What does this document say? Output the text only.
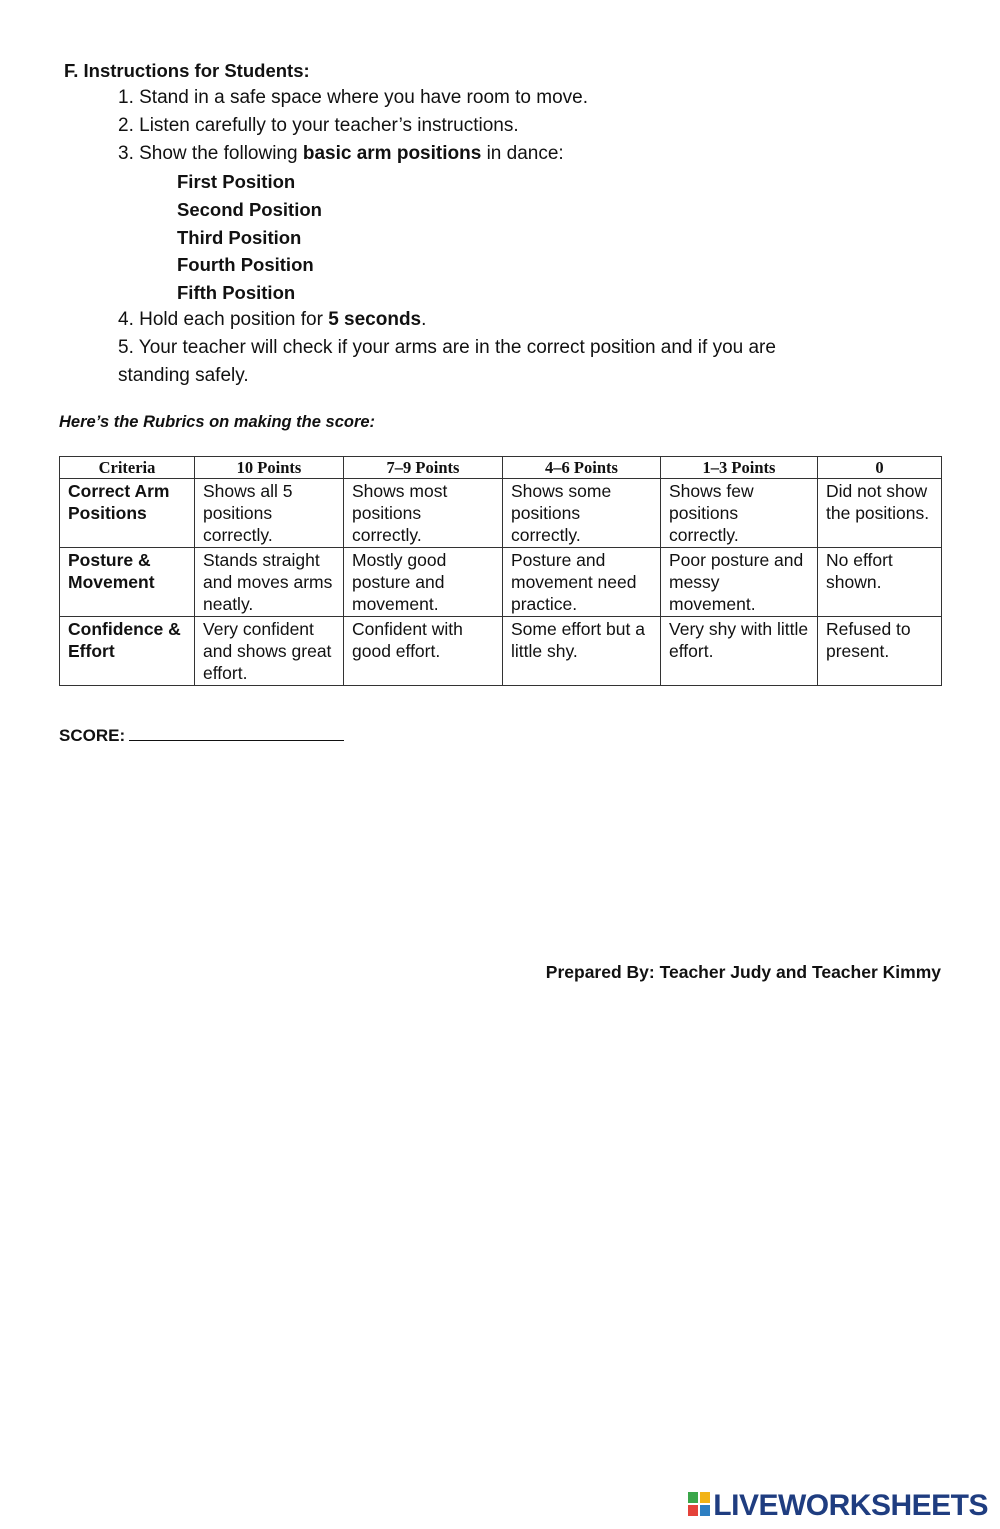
F. Instructions for Students:
1. Stand in a safe space where you have room to move.
2. Listen carefully to your teacher’s instructions.
3. Show the following basic arm positions in dance:
First Position
Second Position
Third Position
Fourth Position
Fifth Position
4. Hold each position for 5 seconds.
5. Your teacher will check if your arms are in the correct position and if you are
standing safely.
Here’s the Rubrics on making the score:
Criteria	10 Points	7–9 Points	4–6 Points	1–3 Points	0
Correct Arm Positions	Shows all 5 positions correctly.	Shows most positions correctly.	Shows some positions correctly.	Shows few positions correctly.	Did not show the positions.
Posture & Movement	Stands straight and moves arms neatly.	Mostly good posture and movement.	Posture and movement need practice.	Poor posture and messy movement.	No effort shown.
Confidence & Effort	Very confident and shows great effort.	Confident with good effort.	Some effort but a little shy.	Very shy with little effort.	Refused to present.
SCORE:
Prepared By: Teacher Judy and Teacher Kimmy
LIVEWORKSHEETS
